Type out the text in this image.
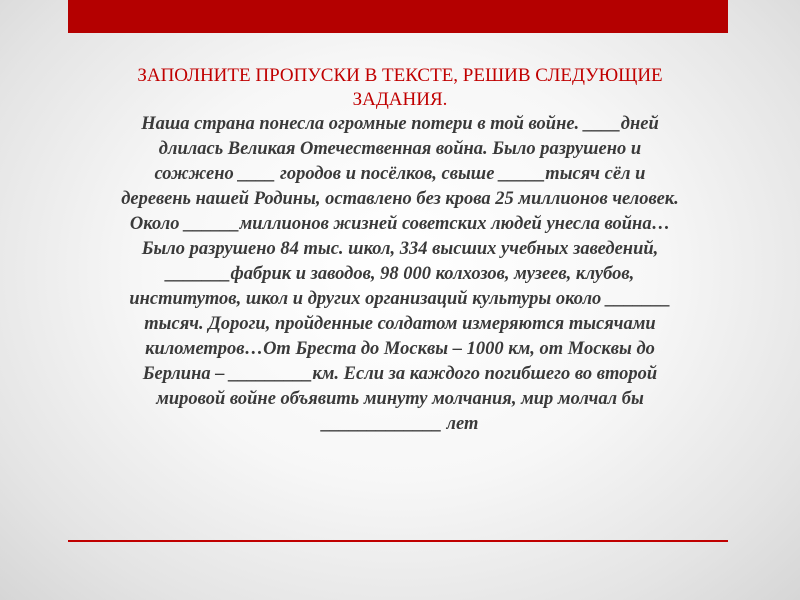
ЗАПОЛНИТЕ ПРОПУСКИ В ТЕКСТЕ, РЕШИВ СЛЕДУЮЩИЕ
ЗАДАНИЯ.

Наша страна понесла огромные потери в той войне. ____дней
длилась Великая Отечественная война. Было разрушено и
сожжено ____ городов и посёлков, свыше _____тысяч сёл и
деревень нашей Родины, оставлено без крова 25 миллионов человек.
Около ______миллионов жизней советских людей унесла война…
Было разрушено 84 тыс. школ, 334 высших учебных заведений,
_______фабрик и заводов, 98 000 колхозов, музеев, клубов,
институтов, школ и других организаций культуры около _______
тысяч. Дороги, пройденные солдатом измеряются тысячами
километров…От Бреста до Москвы – 1000 км, от Москвы до
Берлина – _________км. Если за каждого погибшего во второй
мировой войне объявить минуту молчания, мир молчал бы
_____________ лет
